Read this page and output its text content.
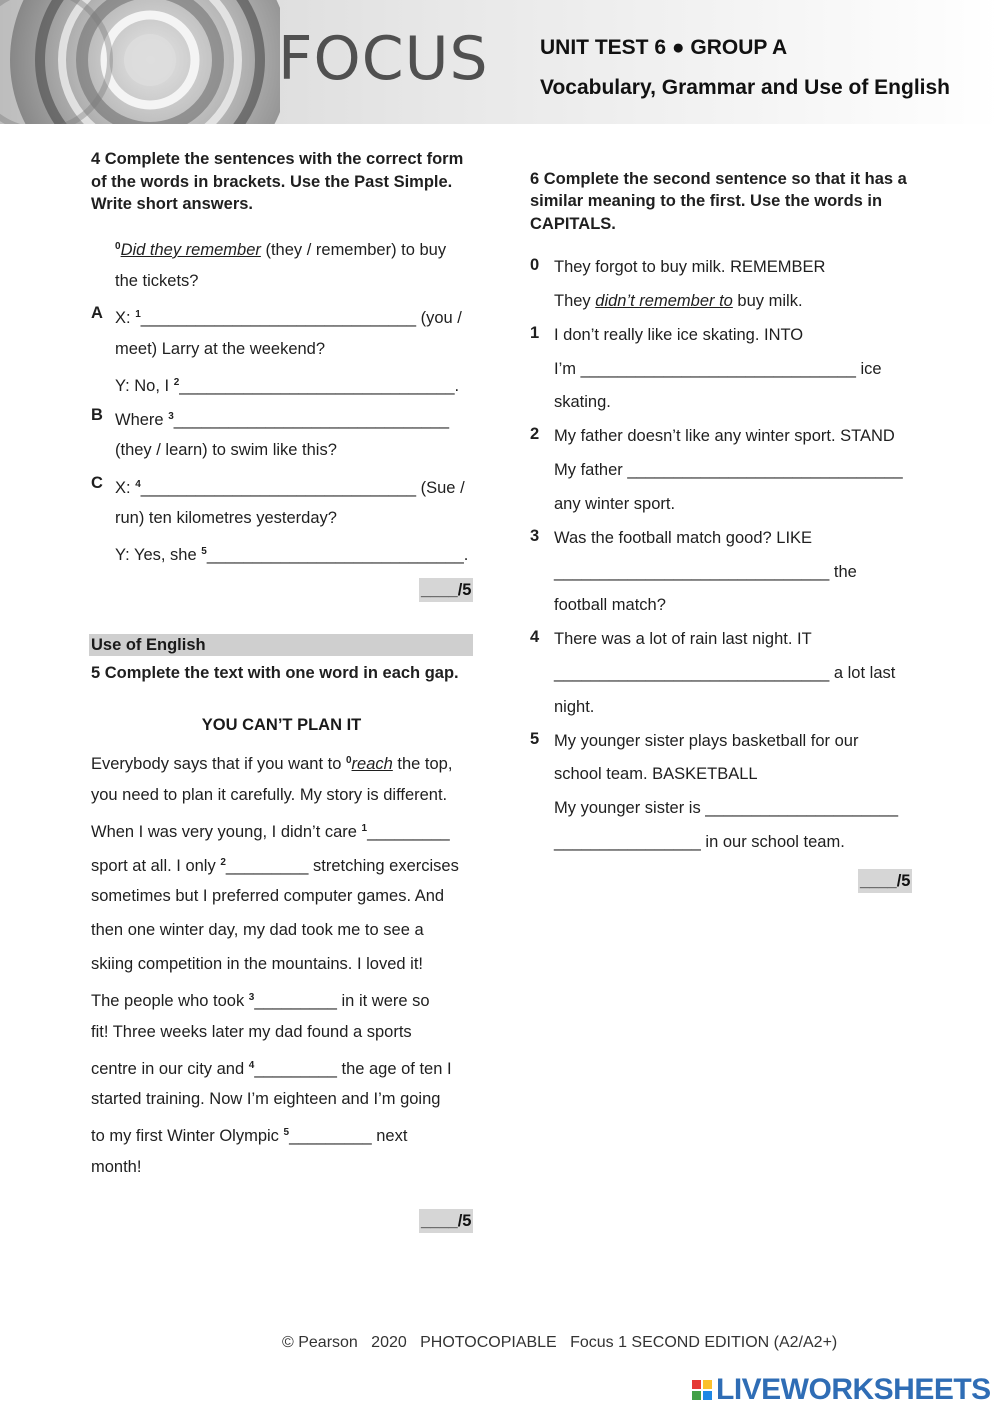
FOCUS UNIT TEST 6 ● GROUP A
Vocabulary, Grammar and Use of English
4 Complete the sentences with the correct form
of the words in brackets. Use the Past Simple.
Write short answers.
$^0$Did they remember (they / remember) to buy
the tickets?
A X: $^1$______________________________ (you /
meet) Larry at the weekend?
Y: No, I $^2$______________________________.
B Where $^3$______________________________
(they / learn) to swim like this?
C X: $^4$______________________________ (Sue /
run) ten kilometres yesterday?
Y: Yes, she $^5$____________________________.
____/5
Use of English
5 Complete the text with one word in each gap.
YOU CAN’T PLAN IT
Everybody says that if you want to $^0$reach the top,
you need to plan it carefully. My story is different.
When I was very young, I didn’t care $^1$_________
sport at all. I only $^2$_________ stretching exercises
sometimes but I preferred computer games. And
then one winter day, my dad took me to see a
skiing competition in the mountains. I loved it!
The people who took $^3$_________ in it were so
fit! Three weeks later my dad found a sports
centre in our city and $^4$_________ the age of ten I
started training. Now I’m eighteen and I’m going
to my first Winter Olympic $^5$_________ next
month!
____/5
6 Complete the second sentence so that it has a
similar meaning to the first. Use the words in
CAPITALS.
0 They forgot to buy milk. REMEMBER
They didn’t remember to buy milk.
1 I don’t really like ice skating. INTO
I’m ______________________________ ice
skating.
2 My father doesn’t like any winter sport. STAND
My father ______________________________
any winter sport.
3 Was the football match good? LIKE
______________________________ the
football match?
4 There was a lot of rain last night. IT
______________________________ a lot last
night.
5 My younger sister plays basketball for our
school team. BASKETBALL
My younger sister is _____________________
________________ in our school team.
____/5
© Pearson   2020   PHOTOCOPIABLE   Focus 1 SECOND EDITION (A2/A2+)
LIVEWORKSHEETS
